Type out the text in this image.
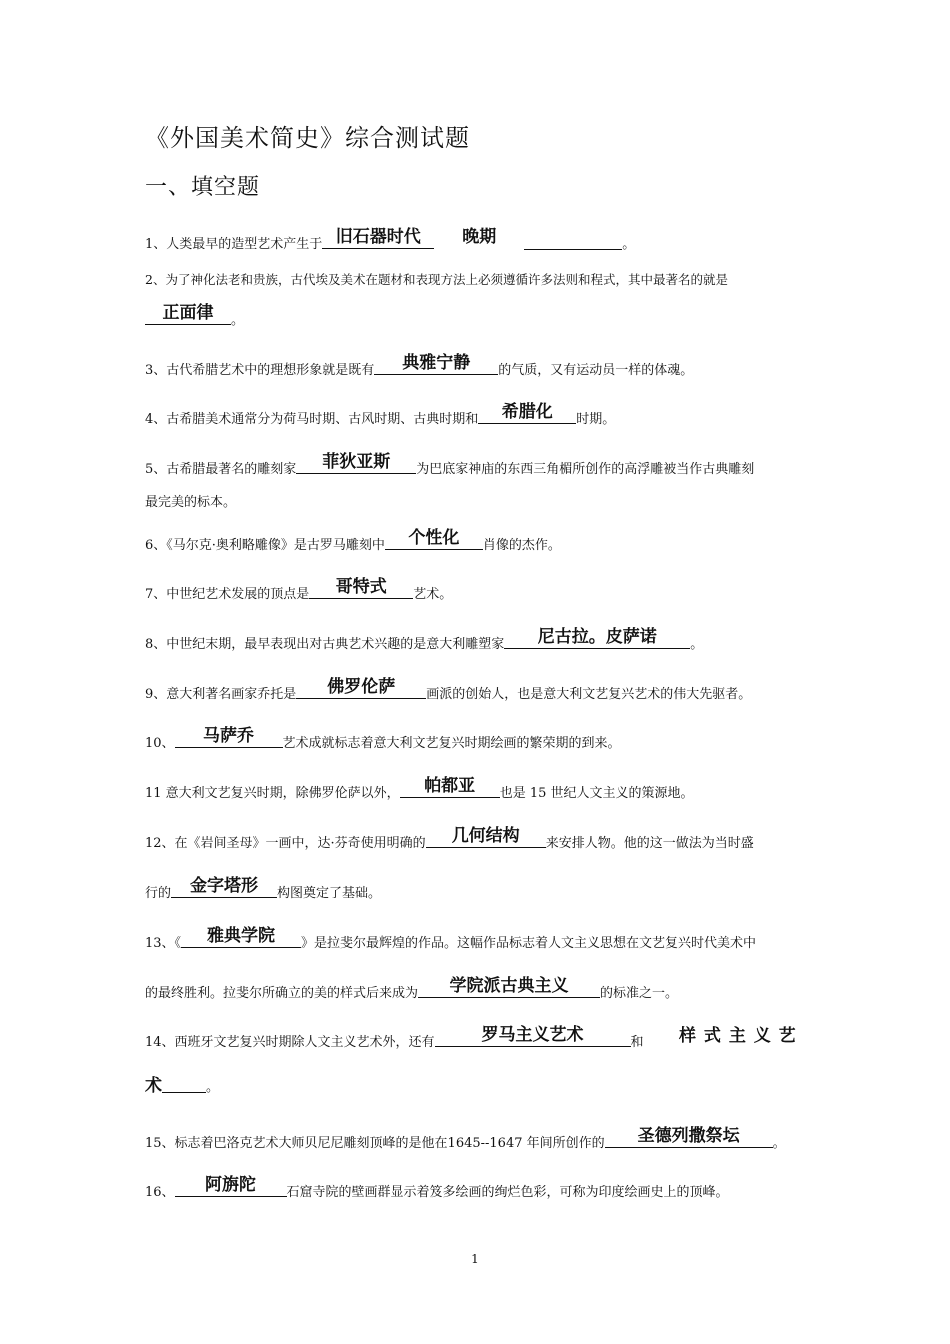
《外国美术简史》综合测试题
一、填空题
1、人类最早的造型艺术产生于 旧石器时代 晚期	。
2、为了神化法老和贵族，古代埃及美术在题材和表现方法上必须遵循许多法则和程式，其中最著名的就是
正面律 。
3、古代希腊艺术中的理想形象就是既有 典雅宁静 的气质，又有运动员一样的体魂。
4、古希腊美术通常分为荷马时期、古风时期、古典时期和 希腊化 时期。
5、古希腊最著名的雕刻家 菲狄亚斯 为巴底家神庙的东西三角楣所创作的高浮雕被当作古典雕刻
最完美的标本。
6、《马尔克·奥利略雕像》是古罗马雕刻中 个性化 肖像的杰作。
7、中世纪艺术发展的顶点是 哥特式 艺术。
8、中世纪末期，最早表现出对古典艺术兴趣的是意大利雕塑家 尼古拉。皮萨诺	。
9、意大利著名画家乔托是 佛罗伦萨 画派的创始人，也是意大利文艺复兴艺术的伟大先驱者。
10、 马萨乔 艺术成就标志着意大利文艺复兴时期绘画的繁荣期的到来。
11 意大利文艺复兴时期，除佛罗伦萨以外， 帕都亚 也是 15 世纪人文主义的策源地。
12、在《岩间圣母》一画中，达·芬奇使用明确的 几何结构 来安排人物。他的这一做法为当时盛
行的 金字塔形 构图奠定了基础。
13、《 雅典学院 》是拉斐尔最辉煌的作品。这幅作品标志着人文主义思想在文艺复兴时代美术中
的最终胜利。拉斐尔所确立的美的样式后来成为 学院派古典主义 的标准之一。
14、西班牙文艺复兴时期除人文主义艺术外，还有	罗马主义艺术	和 样 式 主 义 艺
术	。
15、标志着巴洛克艺术大师贝尼尼雕刻顶峰的是他在1645--1647 年间所创作的 圣德列撒祭坛	。
16、 阿旃陀 石窟寺院的壁画群显示着笈多绘画的绚烂色彩，可称为印度绘画史上的顶峰。
1
